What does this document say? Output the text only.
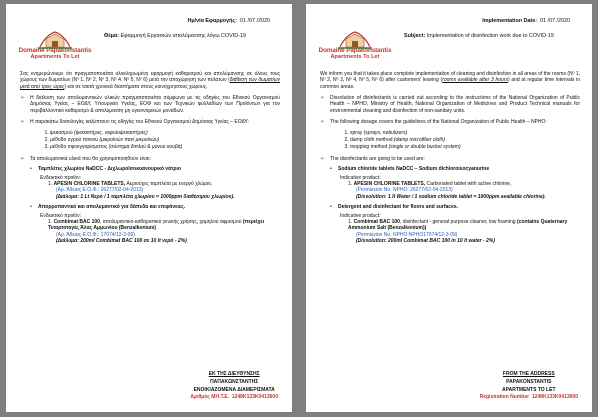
Ημ/νία Εφαρμογής: 01 /07 /2020
Domaine Papakonstantis
Apartments To Let
Θέμα: Εφαρμογή Εργασιών απολύμανσης λόγω COVID-19

Σας ενημερώνουμε ότι πραγματοποιείται ολοκληρωμένη εφαρμογή καθαρισμού και απολύμανσης σε όλους τους χώρους των δωματίων (Νº 1, Νº 2, Νº 3, Νº 4, Νº 5, Νº 6) μετά την αποχώρηση των πελατών (διάθεση των δωματίων μετά από τρεις ώρες) και σε τακτά χρονικά διαστήματα στους κοινόχρηστους χώρους.

➢ Η διάλυση των απολυμαντικών υλικών πραγματοποιείται σύμφωνα με τις οδηγίες του Εθνικού Οργανισμού Δημόσιας Υγείας – ΕΟΔΥ, Υπουργείο Υγείας, ΕΟΦ και των Τεχνικών φυλλαδίων των Προϊόντων για τον περιβαλλοντικό καθαρισμό & απολύμανση μη υγειονομικών μονάδων.
➢ Η παρακάτω δοσολογίες καλύπτουν τις οδηγίες του Εθνικού Οργανισμού Δημόσιας Υγείας – ΕΟΔΥ:
1. ψεκασμού (ψεκαστήρες, νεφελοψεκαστήρες)
2. μέθοδο υγρού πανιού (μικροϊνών πανί μικροϊνών)
3. μέθοδο σφουγγαρίσματος (σύστημα διπλού & μονού κουβά)
➢ Τα απολυμαντικά υλικά που θα χρησιμοποιηθούν είναι:
• Ταμπλέτες χλωρίου NaDCC - Διχλωροϊσοκυανουρικό νάτριο
Ενδεικτικό προϊόν:
1. APESIN CHLORINE TABLETS, Αεριούχες ταμπλέτα με ενεργό χλώριο,
(Αρ. Άδειας Ε.Ο.Φ.: 26277/02-04-2013)
(Διάλυμα: 1 Lt Νερό / 1 ταμπλέτα χλωρίου = 1000ppm διαθέσιμου χλωρίου).
• Απορρυπαντικό και απολυμαντικό για δάπεδα και επιφάνειες.
Ενδεικτικό προϊόν:
1. Combimat BAC 100, απολυμαντικό-καθαριστικό γενικής χρήσης, χαμηλού αφρισμού (περιέχει Τεταρτοταγές Άλας Αμμωνίου (Benzalkonium)
(Αρ. Άδειας Ε.Ο.Φ.: 17074/12-3-09)
(Διάλυμα: 200ml Combimat BAC 100 σε 10 lt νερό - 2%)
ΕΚ ΤΗΣ ΔΙΕΥΘΥΝΣΗΣ
ΠΑΠΑΚΩΝΣΤΑΝΤΗΣ
ΕΝΟΙΚΙΑΖΟΜΕΝΑ ΔΙΑΜΕΡΙΣΜΑΤΑ
Αριθμός ΜΗ.Τ.Ε. 1248K133K0413600
Implementation Date: 01 /07 /2020
Domaine Papakonstantis
Apartments To Let
Subject: Implementation of disinfection work due to COVID-19

We inform you that it takes place complete implementation of cleaning and disinfection in all areas of the rooms (Nº 1, Nº 2, Nº 3, Nº 4, Nº 5, Nº 6) after customers' leaving (rooms available after 3 hours) and at regular time intervals in common areas.

➢ Dissolution of disinfectants is carried out according to the instructions of the National Organization of Public Health – NPHO, Ministry of Health, National Organization of Medicines and Product Technical manuals for environmental cleaning and disinfection of non-sanitary units.
➢ The following dosage covers the guidelines of the National Organization of Public Health – NPHO:
1. spray (sprays, nebulizers)
2. damp cloth method (damp microfiber cloth)
3. mopping method (single or double bucket system)
➢ The disinfectants are going to be used are:
• Sodium chloride tablets NaDCC – Sodium dichloroisocyanurine
Indicative product:
1. APESIN CHLORINE TABLETS, Carbonated tablet with active chlorine,
(Permission No. NPHO: 26277/02-04-2013)
(Dissolution: 1 lt Water / 1 sodium chloride tablet = 1000ppm available chlorine).
• Detergent and disinfectant for floors and surfaces.
Indicative product:
1. Combimat BAC 100, disinfectant - general purpose cleaner, low foaming (contains Quaternary Ammonium Salt (Benzalkonium))
(Permission No. NPHO:NPHO17074/12-3-09)
(Dissolution: 200ml Combimat BAC 100 in 10 lt water - 2%)
FROM THE ADDRESS
PAPAKONSTANTIS
APARTMENTS TO LET
Registration Number 1248K133K0413600
